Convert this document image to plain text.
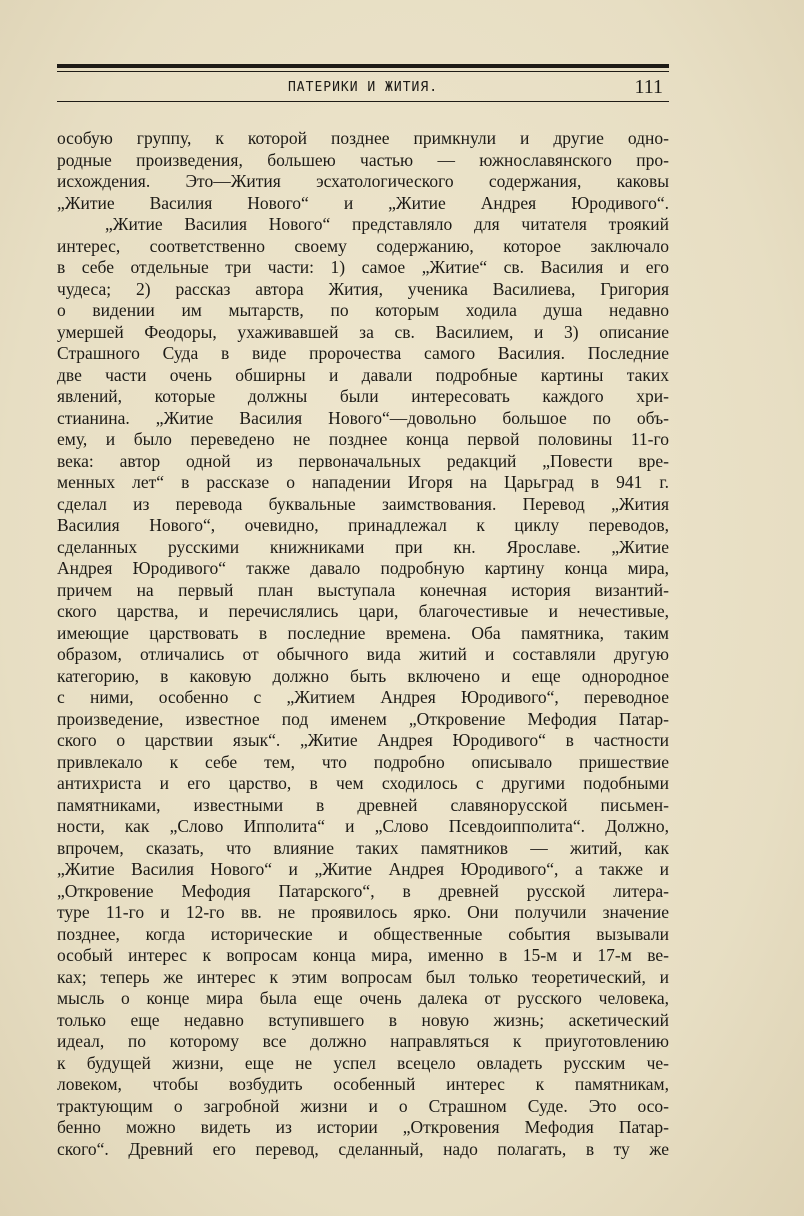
ПАТЕРИКИ И ЖИТИЯ.	111
особую группу, к которой позднее примкнули и другие одно-
родные произведения, большею частью — южнославянского про-
исхождения. Это—Жития эсхатологического содержания, каковы
„Житие Василия Нового“ и „Житие Андрея Юродивого“.
„Житие Василия Нового“ представляло для читателя троякий
интерес, соответственно своему содержанию, которое заключало
в себе отдельные три части: 1) самое „Житие“ св. Василия и его
чудеса; 2) рассказ автора Жития, ученика Василиева, Григория
о видении им мытарств, по которым ходила душа недавно
умершей Феодоры, ухаживавшей за св. Василием, и 3) описание
Страшного Суда в виде пророчества самого Василия. Последние
две части очень обширны и давали подробные картины таких
явлений, которые должны были интересовать каждого хри-
стианина. „Житие Василия Нового“—довольно большое по объ-
ему, и было переведено не позднее конца первой половины 11-го
века: автор одной из первоначальных редакций „Повести вре-
менных лет“ в рассказе о нападении Игоря на Царьград в 941 г.
сделал из перевода буквальные заимствования. Перевод „Жития
Василия Нового“, очевидно, принадлежал к циклу переводов,
сделанных русскими книжниками при кн. Ярославе. „Житие
Андрея Юродивого“ также давало подробную картину конца мира,
причем на первый план выступала конечная история византий-
ского царства, и перечислялись цари, благочестивые и нечестивые,
имеющие царствовать в последние времена. Оба памятника, таким
образом, отличались от обычного вида житий и составляли другую
категорию, в каковую должно быть включено и еще однородное
с ними, особенно с „Житием Андрея Юродивого“, переводное
произведение, известное под именем „Откровение Мефодия Патар-
ского о царствии язык“. „Житие Андрея Юродивого“ в частности
привлекало к себе тем, что подробно описывало пришествие
антихриста и его царство, в чем сходилось с другими подобными
памятниками, известными в древней славянорусской письмен-
ности, как „Слово Ипполита“ и „Слово Псевдоипполита“. Должно,
впрочем, сказать, что влияние таких памятников — житий, как
„Житие Василия Нового“ и „Житие Андрея Юродивого“, а также и
„Откровение Мефодия Патарского“, в древней русской литера-
туре 11-го и 12-го вв. не проявилось ярко. Они получили значение
позднее, когда исторические и общественные события вызывали
особый интерес к вопросам конца мира, именно в 15-м и 17-м ве-
ках; теперь же интерес к этим вопросам был только теоретический, и
мысль о конце мира была еще очень далека от русского человека,
только еще недавно вступившего в новую жизнь; аскетический
идеал, по которому все должно направляться к приуготовлению
к будущей жизни, еще не успел всецело овладеть русским че-
ловеком, чтобы возбудить особенный интерес к памятникам,
трактующим о загробной жизни и о Страшном Суде. Это осо-
бенно можно видеть из истории „Откровения Мефодия Патар-
ского“. Древний его перевод, сделанный, надо полагать, в ту же
